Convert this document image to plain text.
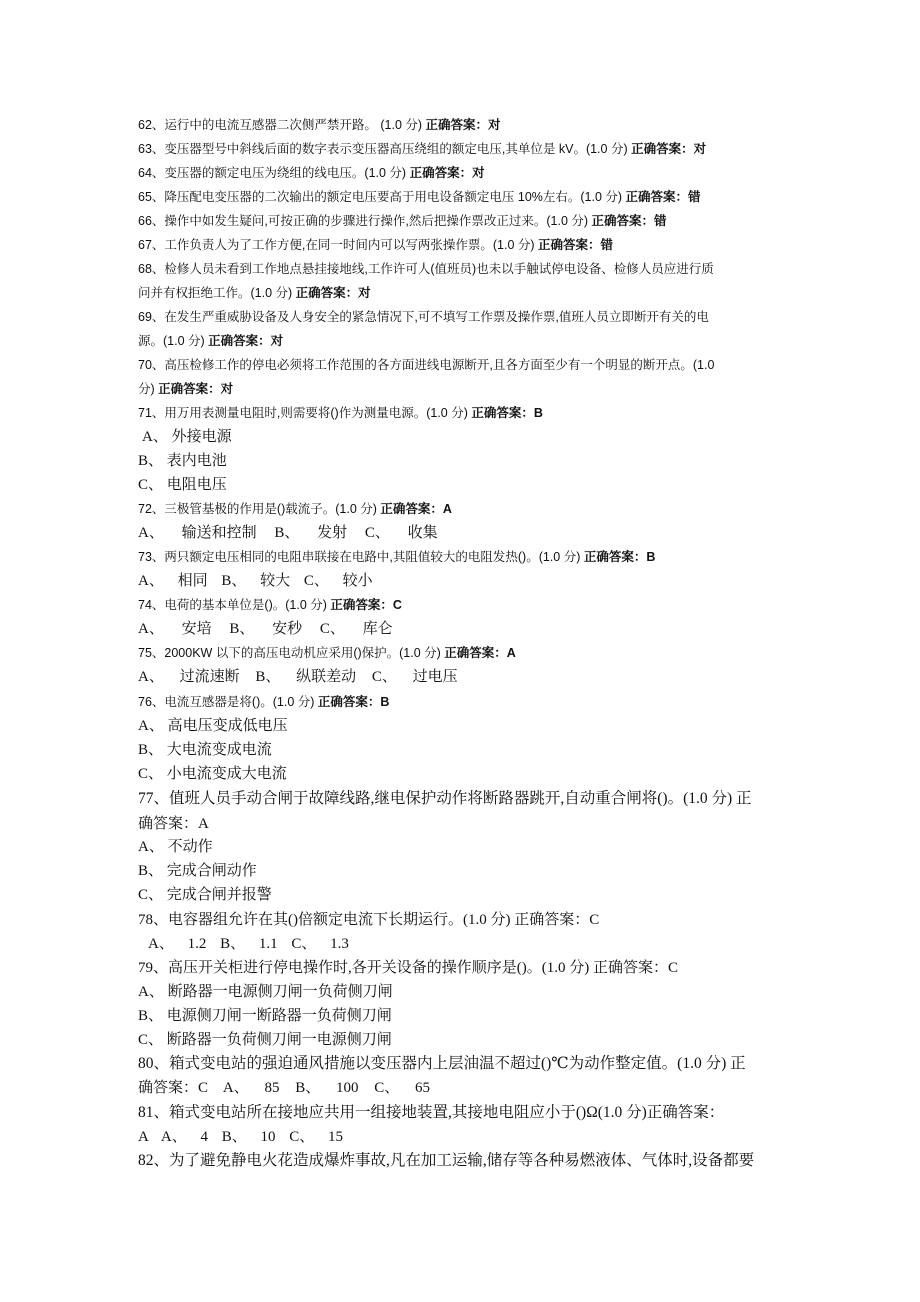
62、运行中的电流互感器二次侧严禁开路。 (1.0 分) 正确答案：对
63、变压器型号中斜线后面的数字表示变压器高压绕组的额定电压,其单位是 kV。(1.0 分) 正确答案：对
64、变压器的额定电压为绕组的线电压。(1.0 分) 正确答案：对
65、降压配电变压器的二次输出的额定电压要高于用电设备额定电压 10%左右。(1.0 分) 正确答案：错
66、操作中如发生疑问,可按正确的步骤进行操作,然后把操作票改正过来。(1.0 分) 正确答案：错
67、工作负责人为了工作方便,在同一时间内可以写两张操作票。(1.0 分) 正确答案：错
68、检修人员未看到工作地点悬挂接地线,工作许可人(值班员)也未以手触试停电设备、检修人员应进行质
问并有权拒绝工作。(1.0 分) 正确答案：对
69、在发生严重威胁设备及人身安全的紧急情况下,可不填写工作票及操作票,值班人员立即断开有关的电
源。(1.0 分) 正确答案：对
70、高压检修工作的停电必须将工作范围的各方面进线电源断开,且各方面至少有一个明显的断开点。(1.0
分) 正确答案：对
71、用万用表测量电阻时,则需要将()作为测量电源。(1.0 分) 正确答案：B
A、 外接电源
B、 表内电池
C、 电阻电压
72、三极管基极的作用是()载流子。(1.0 分) 正确答案：A
A、 输送和控制 B、 发射 C、 收集
73、两只额定电压相同的电阻串联接在电路中,其阻值较大的电阻发热()。(1.0 分) 正确答案：B
A、 相同 B、 较大 C、 较小
74、电荷的基本单位是()。(1.0 分) 正确答案：C
A、 安培 B、 安秒 C、 库仑
75、2000KW 以下的高压电动机应采用()保护。(1.0 分) 正确答案：A
A、 过流速断 B、 纵联差动 C、 过电压
76、电流互感器是将()。(1.0 分) 正确答案：B
A、 高电压变成低电压
B、 大电流变成电流
C、 小电流变成大电流
77、值班人员手动合闸于故障线路,继电保护动作将断路器跳开,自动重合闸将()。(1.0 分) 正
确答案：A
A、 不动作
B、 完成合闸动作
C、 完成合闸并报警
78、电容器组允许在其()倍额定电流下长期运行。(1.0 分) 正确答案：C
A、 1.2 B、 1.1 C、 1.3
79、高压开关柜进行停电操作时,各开关设备的操作顺序是()。(1.0 分) 正确答案：C
A、 断路器一电源侧刀闸一负荷侧刀闸
B、 电源侧刀闸一断路器一负荷侧刀闸
C、 断路器一负荷侧刀闸一电源侧刀闸
80、箱式变电站的强迫通风措施以变压器内上层油温不超过()℃为动作整定值。(1.0 分) 正
确答案：C A、 85 B、 100 C、 65
81、箱式变电站所在接地应共用一组接地装置,其接地电阻应小于()Ω(1.0 分)正确答案：
A A、 4 B、 10 C、 15
82、为了避免静电火花造成爆炸事故,凡在加工运输,储存等各种易燃液体、气体时,设备都要
